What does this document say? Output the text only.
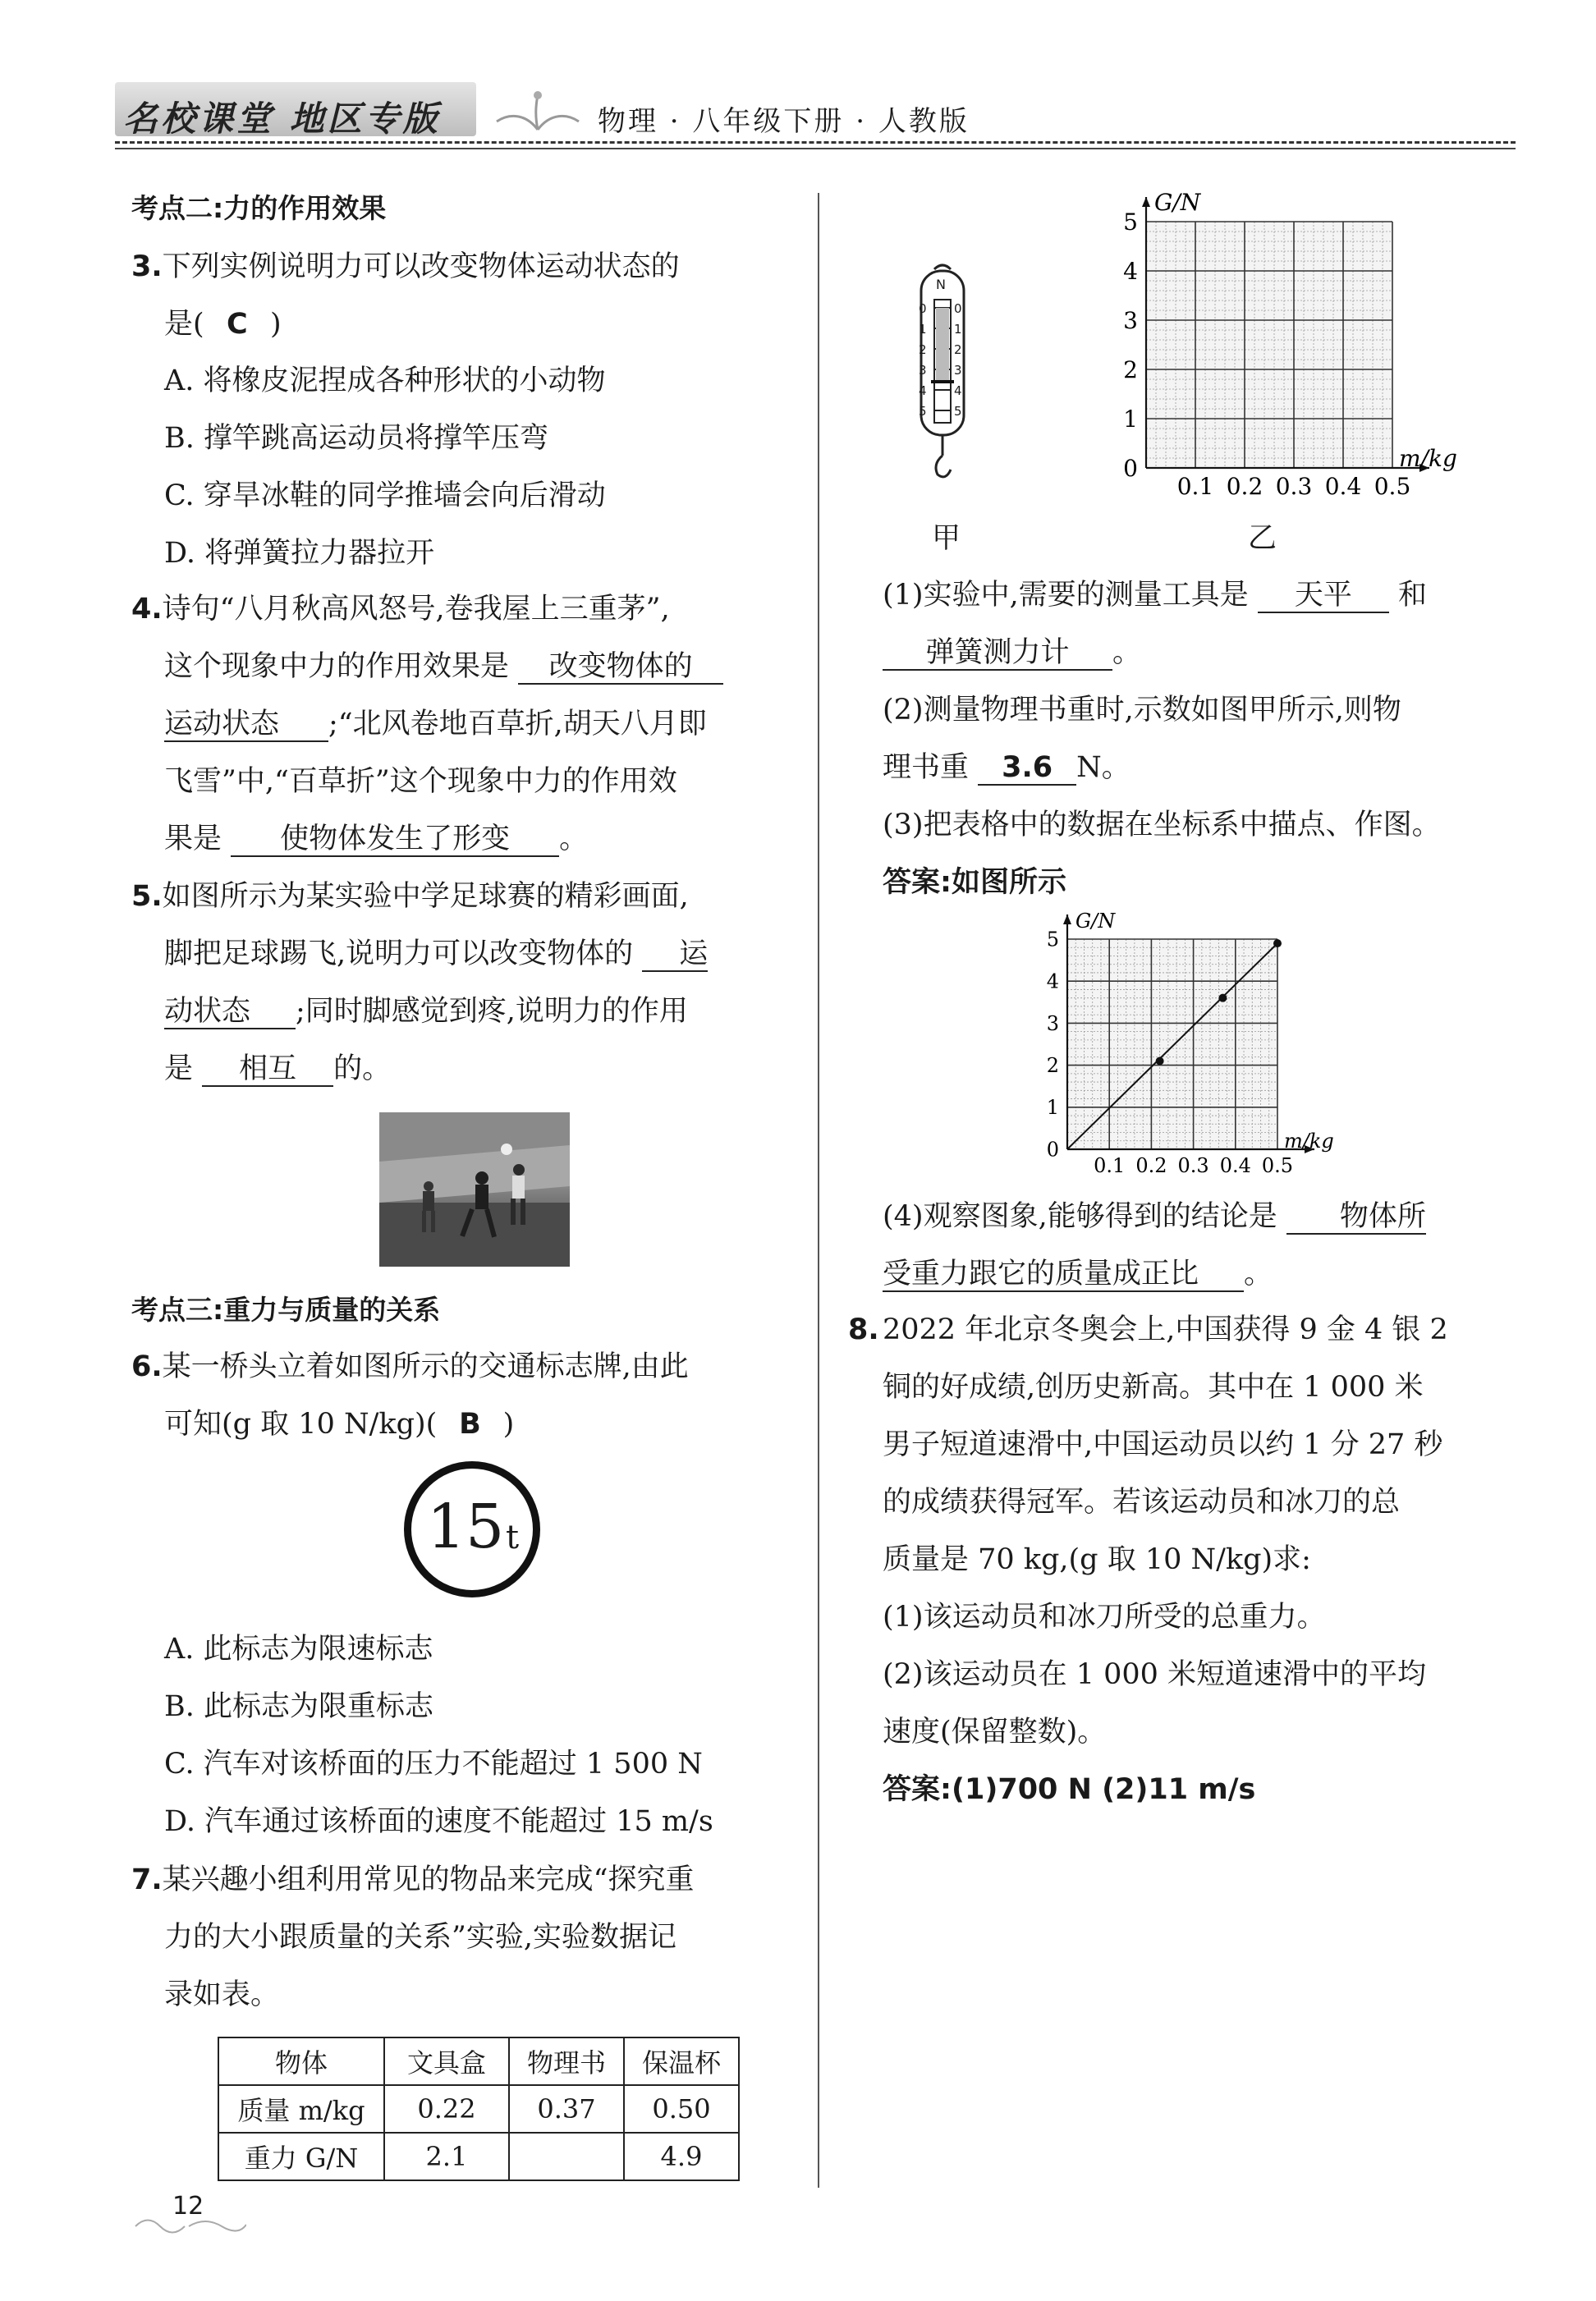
名校课堂 地区专版	物理 · 八年级下册 · 人教版
考点二:力的作用效果
3.下列实例说明力可以改变物体运动状态的
是( C )
A. 将橡皮泥捏成各种形状的小动物
B. 撑竿跳高运动员将撑竿压弯
C. 穿旱冰鞋的同学推墙会向后滑动
D. 将弹簧拉力器拉开
4.诗句“八月秋高风怒号,卷我屋上三重茅”,
这个现象中力的作用效果是 改变物体的
运动状态 ;“北风卷地百草折,胡天八月即
飞雪”中,“百草折”这个现象中力的作用效
果是 使物体发生了形变 。
5.如图所示为某实验中学足球赛的精彩画面,
脚把足球踢飞,说明力可以改变物体的 运
动状态 ;同时脚感觉到疼,说明力的作用
是 相互 的。
考点三:重力与质量的关系
6.某一桥头立着如图所示的交通标志牌,由此
可知(g 取 10 N/kg)( B )
15 t
A. 此标志为限速标志
B. 此标志为限重标志
C. 汽车对该桥面的压力不能超过 1 500 N
D. 汽车通过该桥面的速度不能超过 15 m/s
7.某兴趣小组利用常见的物品来完成“探究重
力的大小跟质量的关系”实验,实验数据记
录如表。
物体	文具盒	物理书	保温杯
质量 m/kg	0.22	0.37	0.50
重力 G/N	2.1		4.9
N
0
1
2
3
4
5
0
1
2
3
4
5
甲
0.1 0.2 0.3 0.4 0.5
0
1
2
3
4
5
m/kg
G/N
乙
(1)实验中,需要的测量工具是 天平 和
弹簧测力计 。
(2)测量物理书重时,示数如图甲所示,则物
理书重 3.6 N。
(3)把表格中的数据在坐标系中描点、作图。
答案:如图所示
0.1 0.2 0.3 0.4 0.5
0
1
2
3
4
5
m/kg
G/N
(4)观察图象,能够得到的结论是 物体所
受重力跟它的质量成正比 。
8. 2022 年北京冬奥会上,中国获得 9 金 4 银 2
铜的好成绩,创历史新高。其中在 1 000 米
男子短道速滑中,中国运动员以约 1 分 27 秒
的成绩获得冠军。若该运动员和冰刀的总
质量是 70 kg,(g 取 10 N/kg)求:
(1)该运动员和冰刀所受的总重力。
(2)该运动员在 1 000 米短道速滑中的平均
速度(保留整数)。
答案:(1)700 N (2)11 m/s
12
